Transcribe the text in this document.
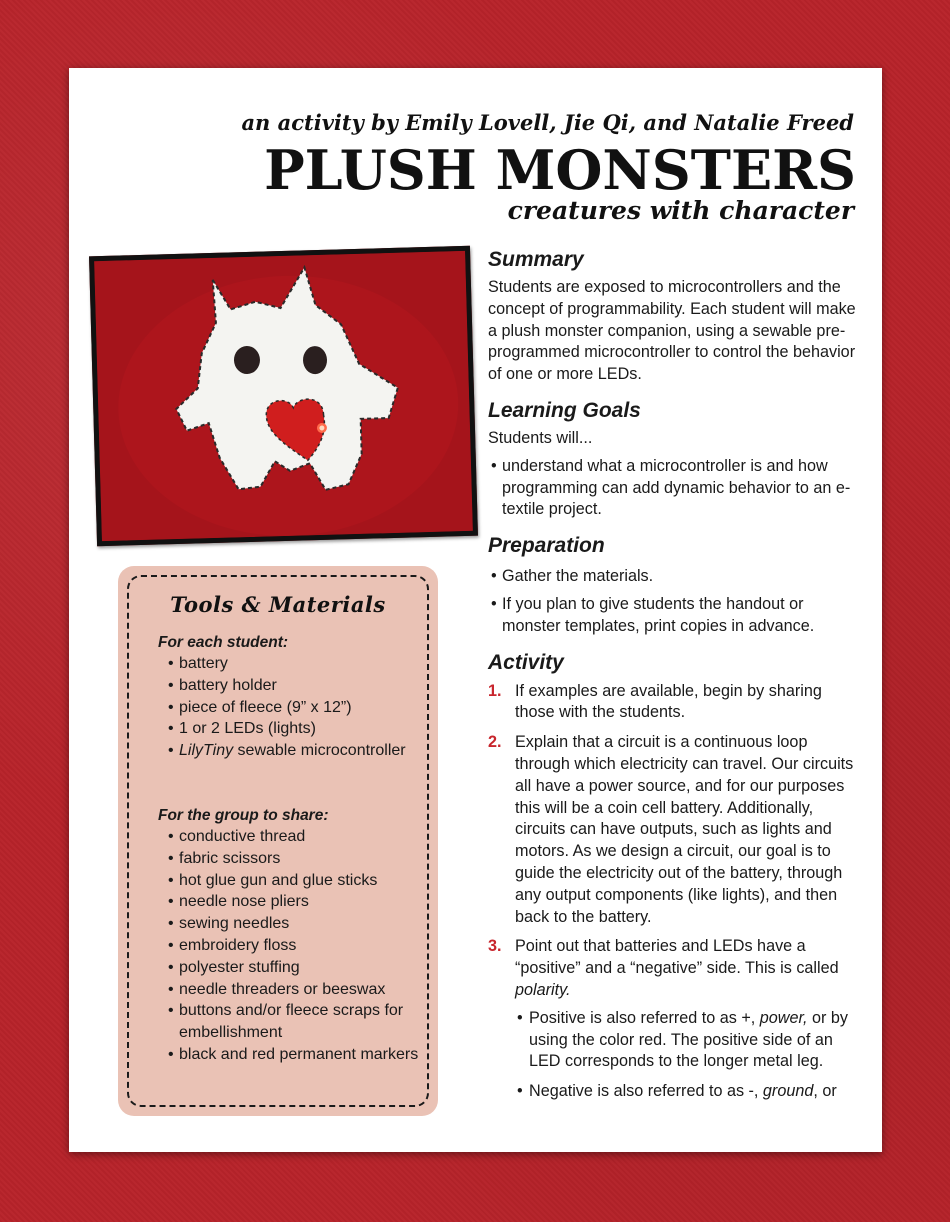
an activity by Emily Lovell, Jie Qi, and Natalie Freed

PLUSH MONSTERS

creatures with character

Tools & Materials

For each student:

• battery
• battery holder
• piece of fleece (9” x 12”)
• 1 or 2 LEDs (lights)
• LilyTiny sewable microcontroller

For the group to share:

• conductive thread
• fabric scissors
• hot glue gun and glue sticks
• needle nose pliers
• sewing needles
• embroidery floss
• polyester stuffing
• needle threaders or beeswax
• buttons and/or fleece scraps for embellishment
• black and red permanent markers
Summary

Students are exposed to microcontrollers and the concept of programmability. Each student will make a plush monster companion, using a sewable pre-programmed microcontroller to control the behavior of one or more LEDs.

Learning Goals

Students will...

• understand what a microcontroller is and how programming can add dynamic behavior to an e-textile project.
Preparation
• Gather the materials.
• If you plan to give students the handout or monster templates, print copies in advance.
Activity
1. If examples are available, begin by sharing those with the students.
2. Explain that a circuit is a continuous loop through which electricity can travel. Our circuits all have a power source, and for our purposes this will be a coin cell battery. Additionally, circuits can have outputs, such as lights and motors. As we design a circuit, our goal is to guide the electricity out of the battery, through any output components (like lights), and then back to the battery.
3. Point out that batteries and LEDs have a “positive” and a “negative” side. This is called polarity.
• Positive is also referred to as +, power, or by using the color red. The positive side of an LED corresponds to the longer metal leg.
• Negative is also referred to as -, ground, or
